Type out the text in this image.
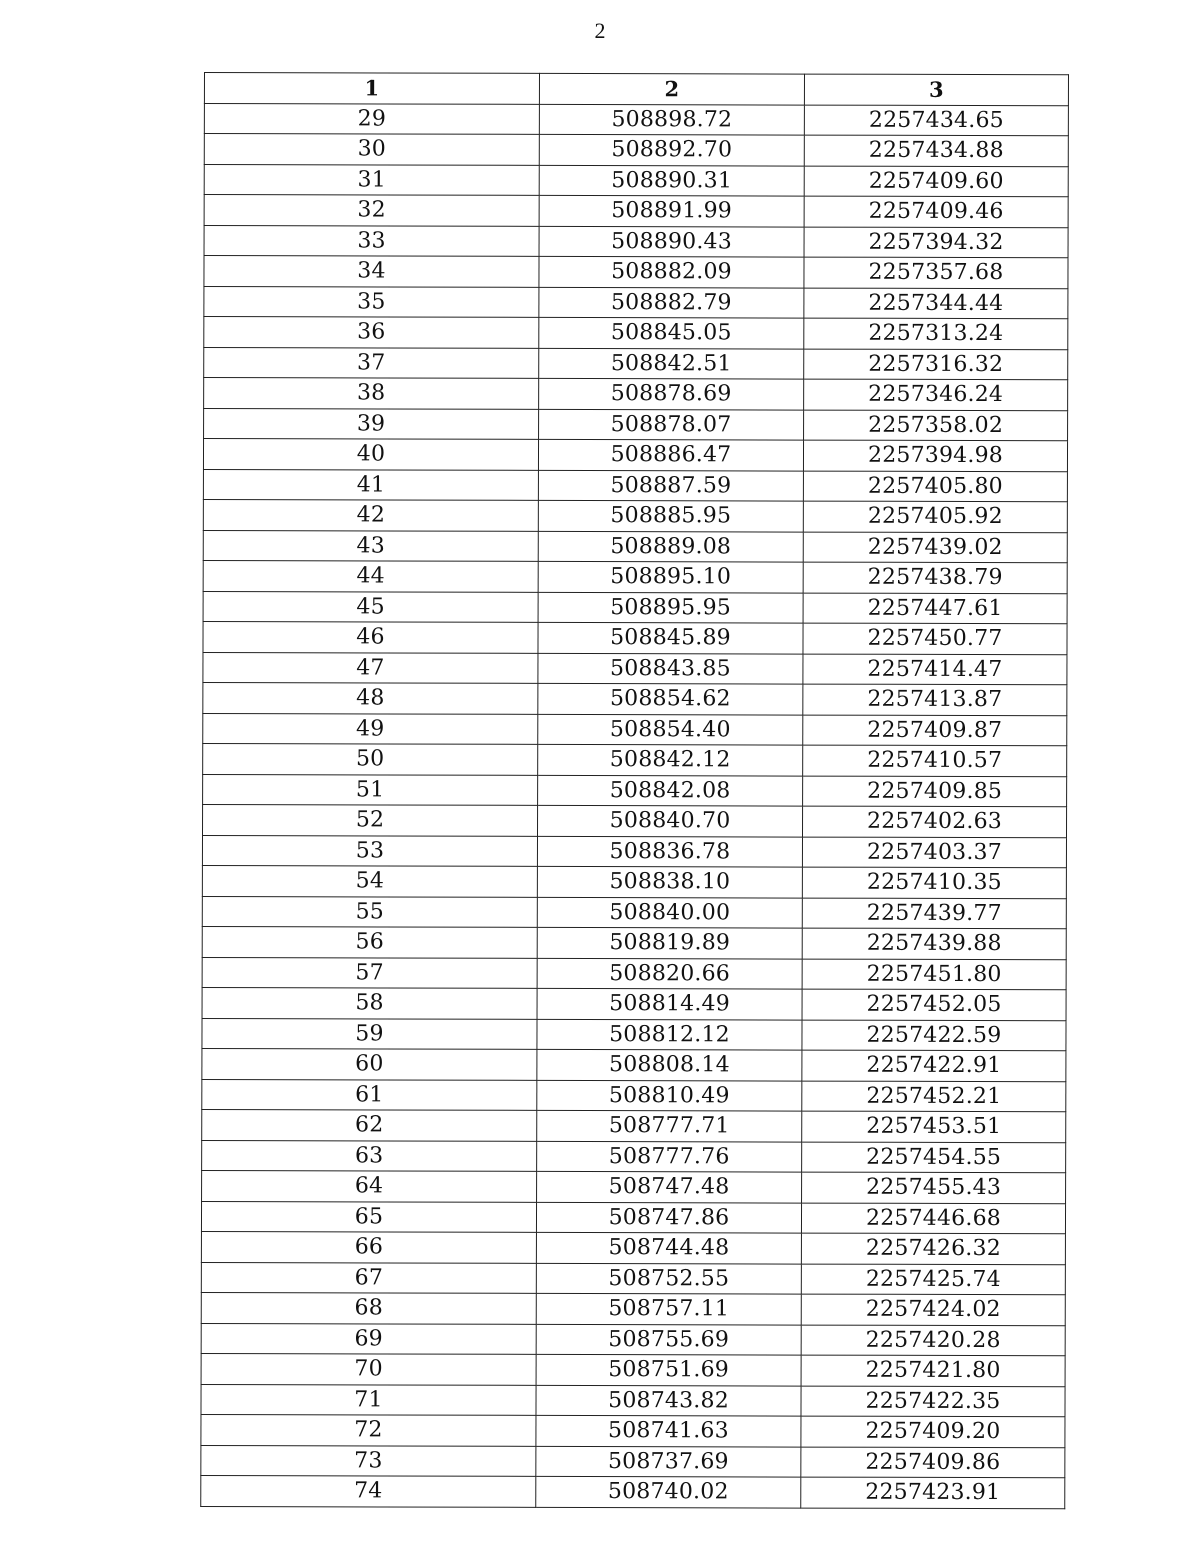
2
1	2	3
29	508898.72	2257434.65
30	508892.70	2257434.88
31	508890.31	2257409.60
32	508891.99	2257409.46
33	508890.43	2257394.32
34	508882.09	2257357.68
35	508882.79	2257344.44
36	508845.05	2257313.24
37	508842.51	2257316.32
38	508878.69	2257346.24
39	508878.07	2257358.02
40	508886.47	2257394.98
41	508887.59	2257405.80
42	508885.95	2257405.92
43	508889.08	2257439.02
44	508895.10	2257438.79
45	508895.95	2257447.61
46	508845.89	2257450.77
47	508843.85	2257414.47
48	508854.62	2257413.87
49	508854.40	2257409.87
50	508842.12	2257410.57
51	508842.08	2257409.85
52	508840.70	2257402.63
53	508836.78	2257403.37
54	508838.10	2257410.35
55	508840.00	2257439.77
56	508819.89	2257439.88
57	508820.66	2257451.80
58	508814.49	2257452.05
59	508812.12	2257422.59
60	508808.14	2257422.91
61	508810.49	2257452.21
62	508777.71	2257453.51
63	508777.76	2257454.55
64	508747.48	2257455.43
65	508747.86	2257446.68
66	508744.48	2257426.32
67	508752.55	2257425.74
68	508757.11	2257424.02
69	508755.69	2257420.28
70	508751.69	2257421.80
71	508743.82	2257422.35
72	508741.63	2257409.20
73	508737.69	2257409.86
74	508740.02	2257423.91
